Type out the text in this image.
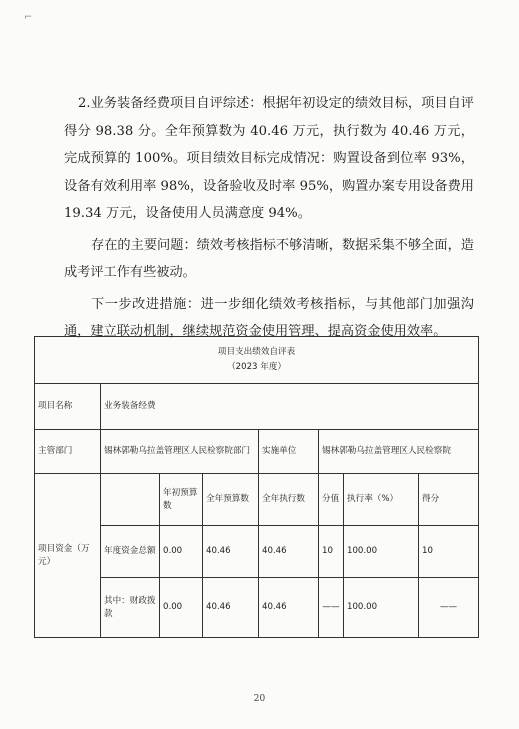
⌐

2.业务装备经费项目自评综述：根据年初设定的绩效目标，项目自评得分 98.38 分。全年预算数为 40.46 万元，执行数为 40.46 万元，完成预算的 100%。项目绩效目标完成情况：购置设备到位率 93%，设备有效利用率 98%，设备验收及时率 95%，购置办案专用设备费用 19.34 万元，设备使用人员满意度 94%。

存在的主要问题：绩效考核指标不够清晰，数据采集不够全面，造成考评工作有些被动。

下一步改进措施：进一步细化绩效考核指标，与其他部门加强沟通，建立联动机制，继续规范资金使用管理、提高资金使用效率。

项目支出绩效自评表
（2023 年度）							

项目名称	业务装备经费						
主管部门	锡林郭勒乌拉盖管理区人民检察院部门			实施单位	锡林郭勒乌拉盖管理区人民检察院		
项目资金（万元）		年初预算数	全年预算数	全年执行数	分值	执行率（%）	得分
	年度资金总额	0.00	40.46	40.46	10	100.00	10
	其中：财政拨款	0.00	40.46	40.46	——	100.00	——
20
